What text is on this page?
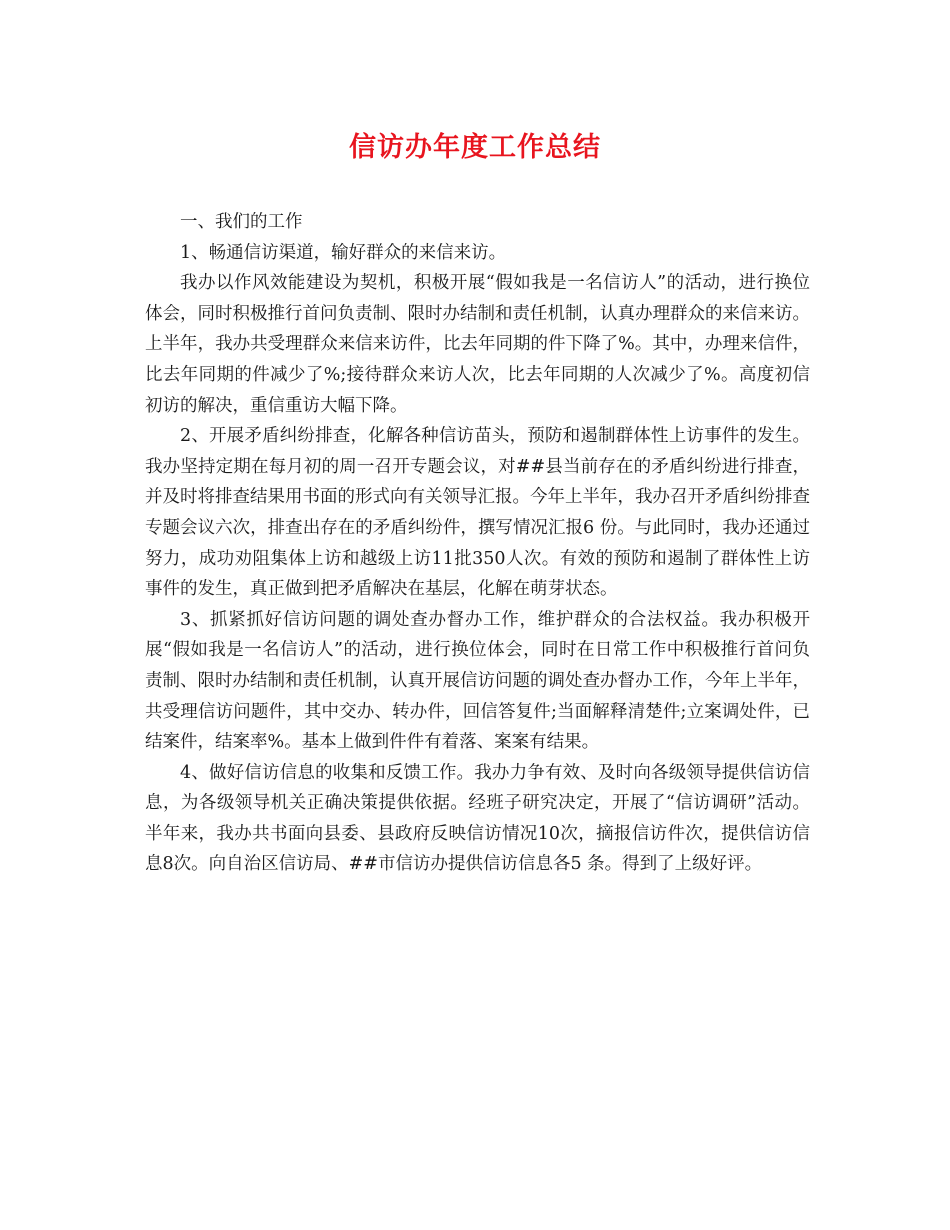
信访办年度工作总结

一、我们的工作

1、畅通信访渠道，输好群众的来信来访。

我办以作风效能建设为契机，积极开展“假如我是一名信访人”的活动，进行换位体会，同时积极推行首问负责制、限时办结制和责任机制，认真办理群众的来信来访。上半年，我办共受理群众来信来访件，比去年同期的件下降了%。其中，办理来信件，比去年同期的件减少了%;接待群众来访人次，比去年同期的人次减少了%。高度初信初访的解决，重信重访大幅下降。

2、开展矛盾纠纷排查，化解各种信访苗头，预防和遏制群体性上访事件的发生。我办坚持定期在每月初的周一召开专题会议，对##县当前存在的矛盾纠纷进行排查，并及时将排查结果用书面的形式向有关领导汇报。今年上半年，我办召开矛盾纠纷排查专题会议六次，排查出存在的矛盾纠纷件，撰写情况汇报6 份。与此同时，我办还通过努力，成功劝阻集体上访和越级上访11批350人次。有效的预防和遏制了群体性上访事件的发生，真正做到把矛盾解决在基层，化解在萌芽状态。

3、抓紧抓好信访问题的调处查办督办工作，维护群众的合法权益。我办积极开展“假如我是一名信访人”的活动，进行换位体会，同时在日常工作中积极推行首问负责制、限时办结制和责任机制，认真开展信访问题的调处查办督办工作，今年上半年，共受理信访问题件，其中交办、转办件，回信答复件;当面解释清楚件;立案调处件，已结案件，结案率%。基本上做到件件有着落、案案有结果。

4、做好信访信息的收集和反馈工作。我办力争有效、及时向各级领导提供信访信息，为各级领导机关正确决策提供依据。经班子研究决定，开展了“信访调研”活动。半年来，我办共书面向县委、县政府反映信访情况10次，摘报信访件次，提供信访信息8次。向自治区信访局、##市信访办提供信访信息各5 条。得到了上级好评。
